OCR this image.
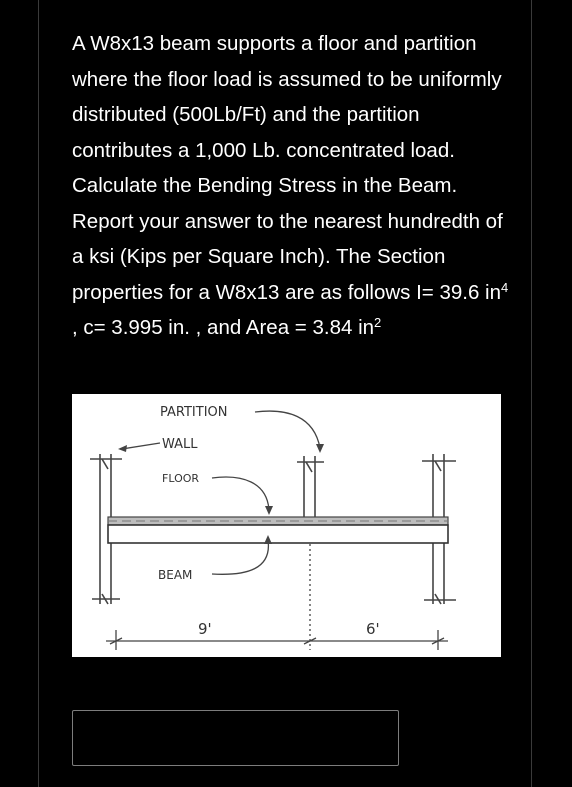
A W8x13 beam supports a floor and partition where the floor load is assumed to be uniformly distributed (500Lb/Ft) and the partition contributes a 1,000 Lb. concentrated load. Calculate the Bending Stress in the Beam. Report your answer to the nearest hundredth of a ksi (Kips per Square Inch). The Section properties for a W8x13 are as follows I= 39.6 $in^4$ , c= 3.995 in. , and Area = 3.84 $in^2$
PARTITION
WALL
FLOOR
BEAM
9'	6'
